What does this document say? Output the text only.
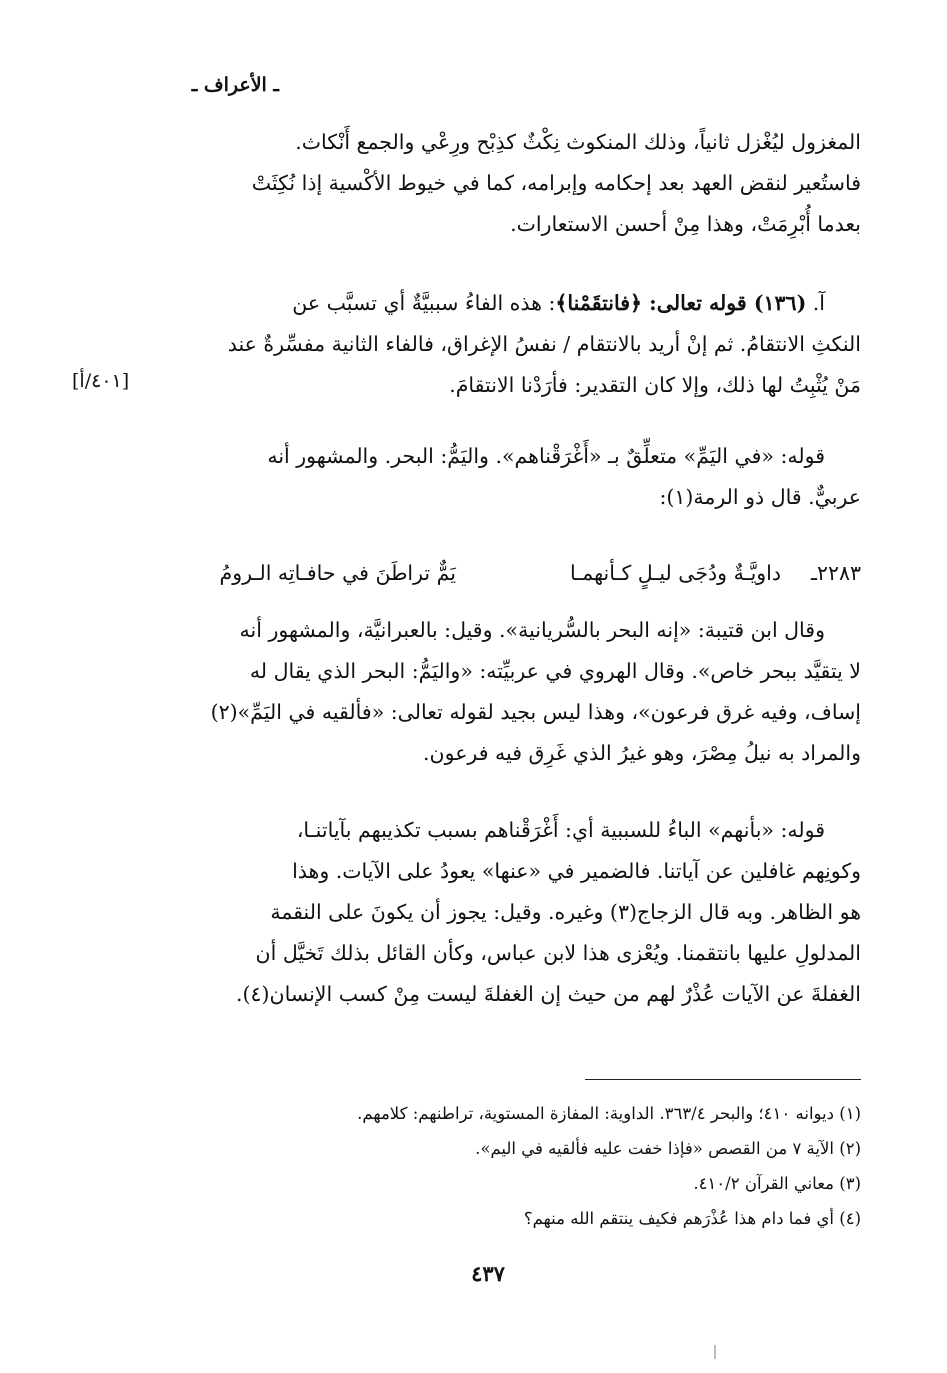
ـ الأعراف ـ
المغزول ليُغْزل ثانياً، وذلك المنكوث نِكْثٌ كذِبْح ورِعْي والجمع أَنْكاث.
فاستُعير لنقض العهد بعد إحكامه وإبرامه، كما في خيوط الأكْسية إذا نُكِثَتْ
بعدما أُبْرِمَتْ، وهذا مِنْ أحسن الاستعارات.
آ. (١٣٦) قوله تعالى: ﴿فانتقَمْنا﴾: هذه الفاءُ سببيَّةٌ أي تسبَّب عن
النكثِ الانتقامُ. ثم إنْ أريد بالانتقام / نفسُ الإغراق، فالفاء الثانية مفسِّرةٌ عند
مَنْ يُثْبِتُ لها ذلك، وإلا كان التقدير: فأرَدْنا الانتقامَ.
[٤٠١/أ]
قوله: «في اليَمِّ» متعلِّقٌ بـ «أَغْرَقْناهم». واليَمُّ: البحر. والمشهور أنه
عربيٌّ. قال ذو الرمة(١):
٢٢٨٣ـ
داويَّـةٌ ودُجَى ليـلٍ كـأنهمـا
يَمٌّ تراطَنَ في حافـاتِه الـرومُ
وقال ابن قتيبة: «إنه البحر بالسُّريانية». وقيل: بالعبرانيَّة، والمشهور أنه
لا يتقيَّد ببحر خاص». وقال الهروي في عربيِّته: «واليَمُّ: البحر الذي يقال له
إساف، وفيه غرق فرعون»، وهذا ليس بجيد لقوله تعالى: «فألقيه في اليَمِّ»(٢)
والمراد به نيلُ مِصْرَ، وهو غيرُ الذي غَرِق فيه فرعون.
قوله: «بأنهم» الباءُ للسببية أي: أَغْرَقْناهم بسبب تكذيبهم بآياتنـا،
وكونِهم غافلين عن آياتنا. فالضمير في «عنها» يعودُ على الآيات. وهذا
هو الظاهر. وبه قال الزجاج(٣) وغيره. وقيل: يجوز أن يكونَ على النقمة
المدلولِ عليها بانتقمنا. ويُعْزى هذا لابن عباس، وكأن القائل بذلك تَخيَّل أن
الغفلةَ عن الآيات عُذْرٌ لهم من حيث إن الغفلةَ ليست مِنْ كسب الإنسان(٤).
(١) ديوانه ٤١٠؛ والبحر ٣٦٣/٤. الداوية: المفازة المستوية، تراطنهم: كلامهم.
(٢) الآية ٧ من القصص «فإذا خفت عليه فألقيه في اليم».
(٣) معاني القرآن ٤١٠/٢.
(٤) أي فما دام هذا عُذْرَهم فكيف ينتقم الله منهم؟
٤٣٧
